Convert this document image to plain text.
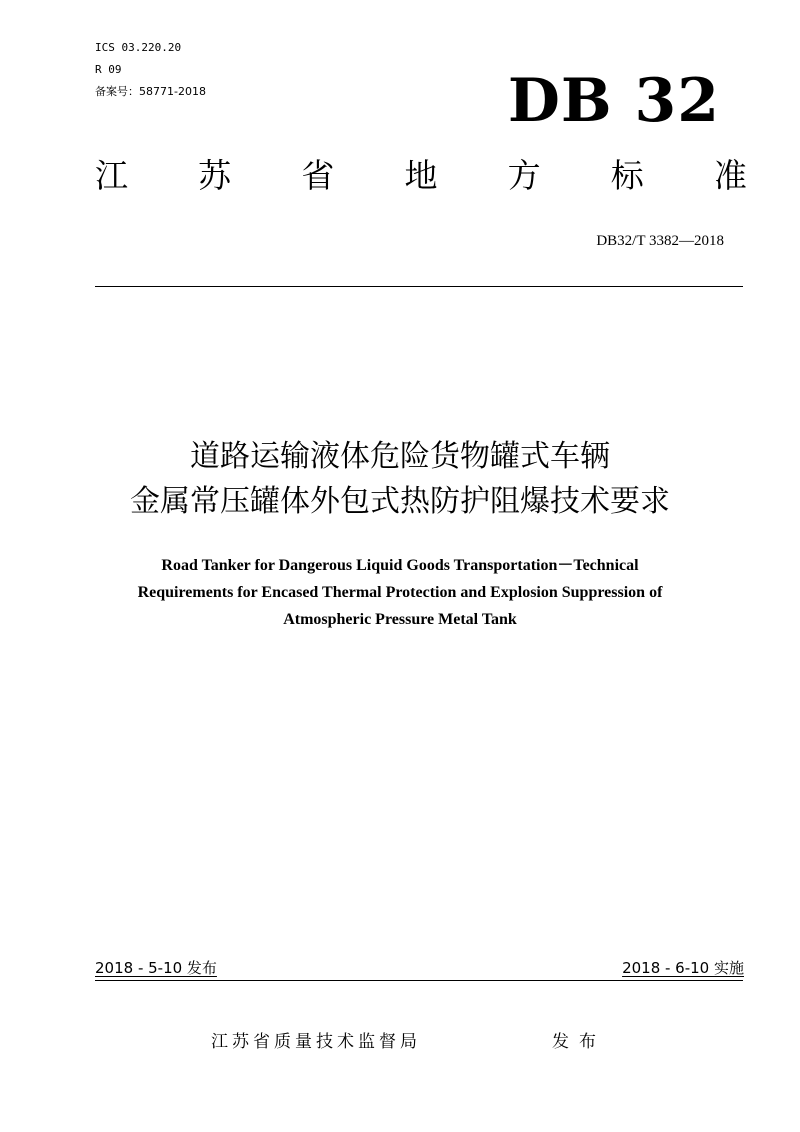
ICS 03.220.20
R 09
备案号：58771-2018	DB 32
江 苏 省 地 方 标 准
DB32/T 3382—2018
道路运输液体危险货物罐式车辆
金属常压罐体外包式热防护阻爆技术要求
Road Tanker for Dangerous Liquid Goods Transportation－Technical
Requirements for Encased Thermal Protection and Explosion Suppression of
Atmospheric Pressure Metal Tank
2018 - 5-10 发布	2018 - 6-10 实施
江苏省质量技术监督局	发布
